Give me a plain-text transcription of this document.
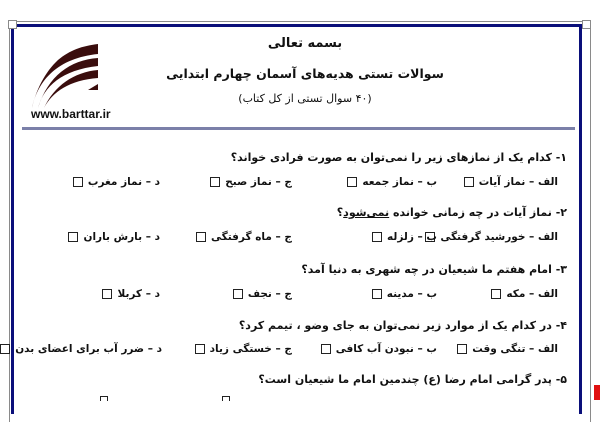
www.barttar.ir
بسمه تعالی
سوالات تستی هدیه‌های آسمان چهارم ابتدایی
(۴۰ سوال تستی از کل کتاب)
۱- کدام یک از نمازهای زیر را نمی‌توان به صورت فرادی خواند؟
الف – نماز آیات
ب – نماز جمعه
ج – نماز صبح
د – نماز مغرب
۲- نماز آیات در چه زمانی خوانده نمی‌شود؟
الف – خورشید گرفتگی
ب – زلزله
ج – ماه گرفتگی
د – بارش باران
۳- امام هفتم ما شیعیان در چه شهری به دنیا آمد؟
الف – مکه
ب – مدینه
ج – نجف
د – کربلا
۴- در کدام یک از موارد زیر نمی‌توان به جای وضو ، تیمم کرد؟
الف – تنگی وقت
ب – نبودن آب کافی
ج – خستگی زیاد
د – ضرر آب برای اعضای بدن
۵- پدر گرامی امام رضا (ع) چندمین امام ما شیعیان است؟
